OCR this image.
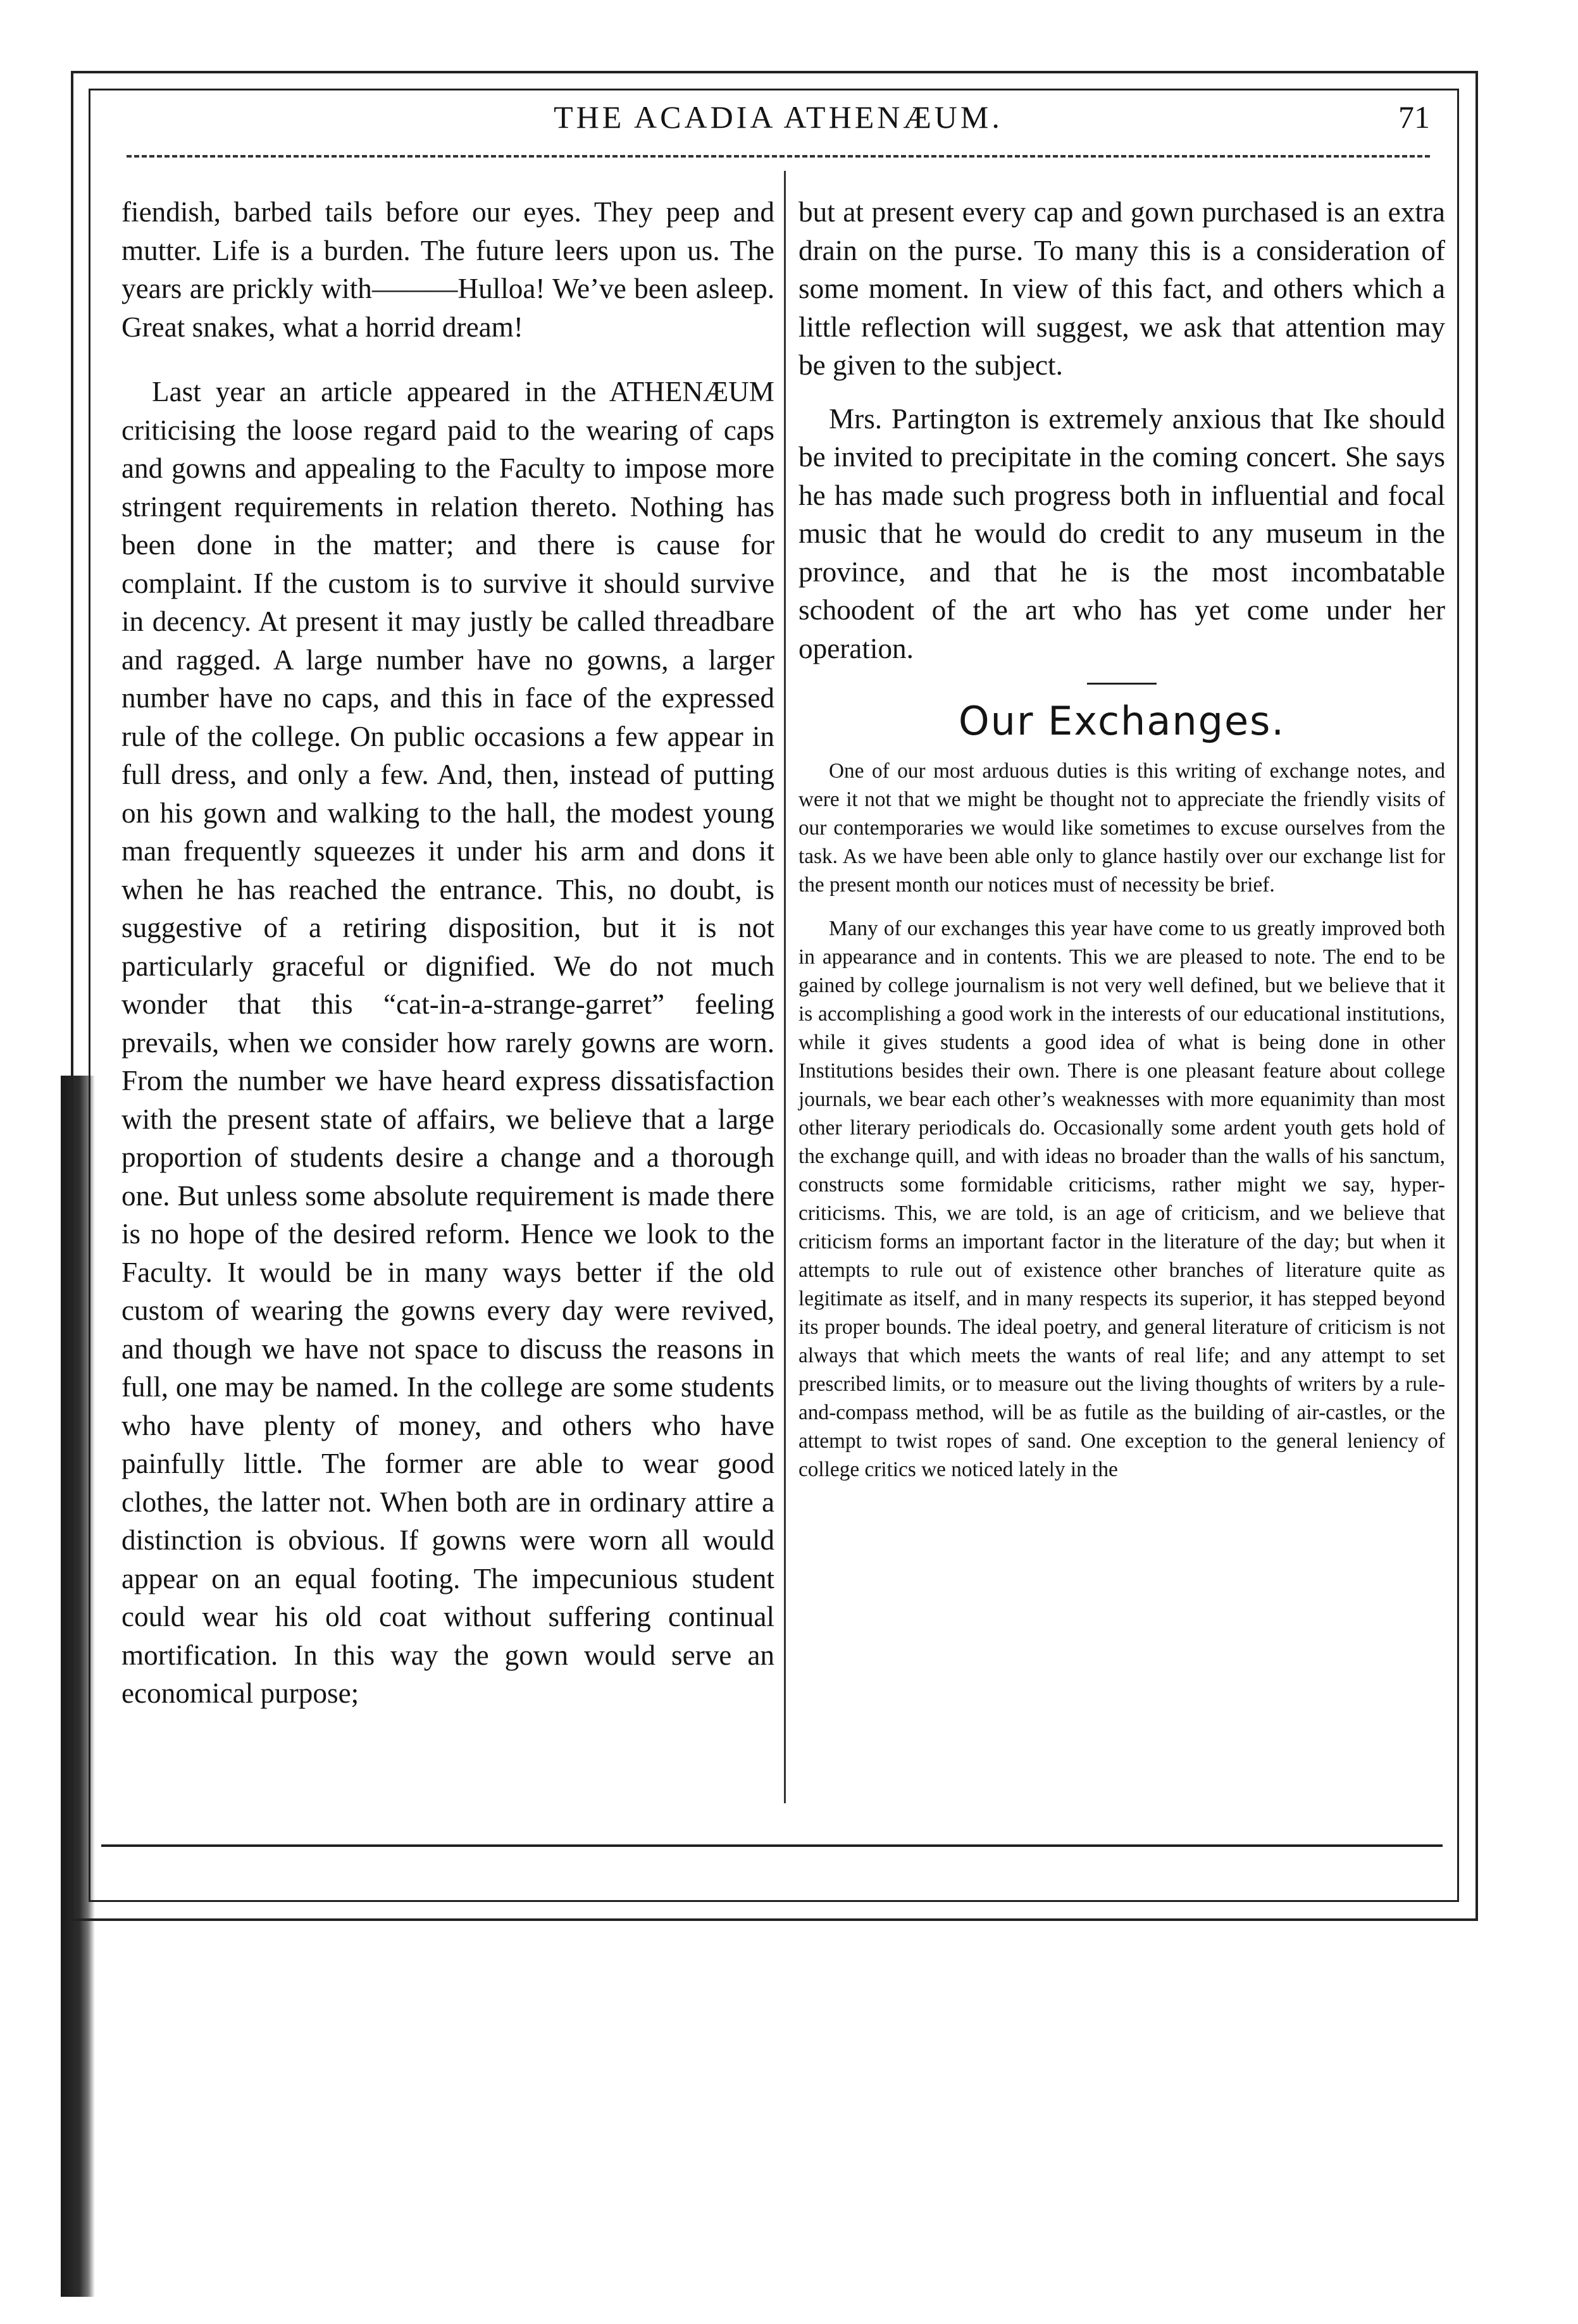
THE ACADIA ATHENÆUM.	71

fiendish, barbed tails before our eyes. They peep and mutter. Life is a burden. The future leers upon us. The years are prickly with———Hulloa! We’ve been asleep. Great snakes, what a horrid dream!

Last year an article appeared in the ATHENÆUM criticising the loose regard paid to the wearing of caps and gowns and appealing to the Faculty to impose more stringent requirements in relation thereto. Nothing has been done in the matter; and there is cause for complaint. If the custom is to survive it should survive in decency. At present it may justly be called threadbare and ragged. A large number have no gowns, a larger number have no caps, and this in face of the expressed rule of the college. On public occasions a few appear in full dress, and only a few. And, then, instead of putting on his gown and walking to the hall, the modest young man frequently squeezes it under his arm and dons it when he has reached the entrance. This, no doubt, is suggestive of a retiring disposition, but it is not particularly graceful or dignified. We do not much wonder that this “cat-in-a-strange-garret” feeling prevails, when we consider how rarely gowns are worn. From the number we have heard express dissatisfaction with the present state of affairs, we believe that a large proportion of students desire a change and a thorough one. But unless some absolute requirement is made there is no hope of the desired reform. Hence we look to the Faculty. It would be in many ways better if the old custom of wearing the gowns every day were revived, and though we have not space to discuss the reasons in full, one may be named. In the college are some students who have plenty of money, and others who have painfully little. The former are able to wear good clothes, the latter not. When both are in ordinary attire a distinction is obvious. If gowns were worn all would appear on an equal footing. The impecunious student could wear his old coat without suffering continual mortification. In this way the gown would serve an economical purpose;

but at present every cap and gown purchased is an extra drain on the purse. To many this is a consideration of some moment. In view of this fact, and others which a little reflection will suggest, we ask that attention may be given to the subject.

Mrs. Partington is extremely anxious that Ike should be invited to precipitate in the coming concert. She says he has made such progress both in influential and focal music that he would do credit to any museum in the province, and that he is the most incombatable schoodent of the art who has yet come under her operation.

Our Exchanges.

One of our most arduous duties is this writing of exchange notes, and were it not that we might be thought not to appreciate the friendly visits of our contemporaries we would like sometimes to excuse ourselves from the task. As we have been able only to glance hastily over our exchange list for the present month our notices must of necessity be brief.

Many of our exchanges this year have come to us greatly improved both in appearance and in contents. This we are pleased to note. The end to be gained by college journalism is not very well defined, but we believe that it is accomplishing a good work in the interests of our educational institutions, while it gives students a good idea of what is being done in other Institutions besides their own. There is one pleasant feature about college journals, we bear each other’s weaknesses with more equanimity than most other literary periodicals do. Occasionally some ardent youth gets hold of the exchange quill, and with ideas no broader than the walls of his sanctum, constructs some formidable criticisms, rather might we say, hyper-criticisms. This, we are told, is an age of criticism, and we believe that criticism forms an important factor in the literature of the day; but when it attempts to rule out of existence other branches of literature quite as legitimate as itself, and in many respects its superior, it has stepped beyond its proper bounds. The ideal poetry, and general literature of criticism is not always that which meets the wants of real life; and any attempt to set prescribed limits, or to measure out the living thoughts of writers by a rule-and-compass method, will be as futile as the building of air-castles, or the attempt to twist ropes of sand. One exception to the general leniency of college critics we noticed lately in the
